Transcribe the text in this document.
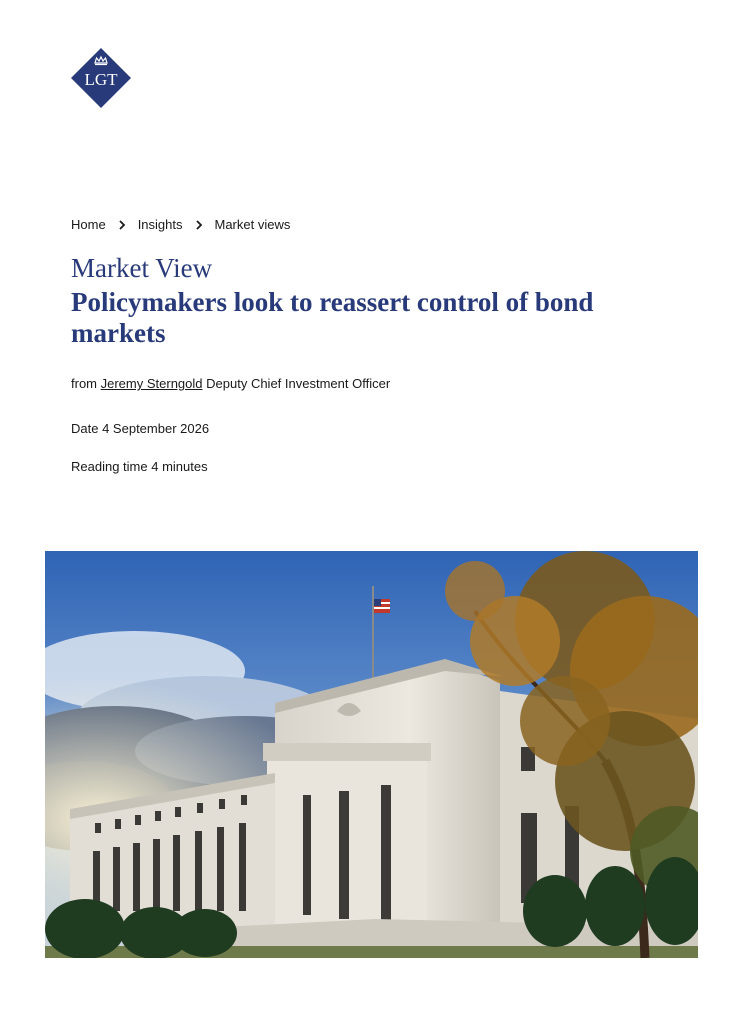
LGT
Home Insights Market views
Market View
Policymakers look to reassert control of bond markets
from Jeremy Sterngold Deputy Chief Investment Officer
Date 4 September 2026
Reading time 4 minutes
